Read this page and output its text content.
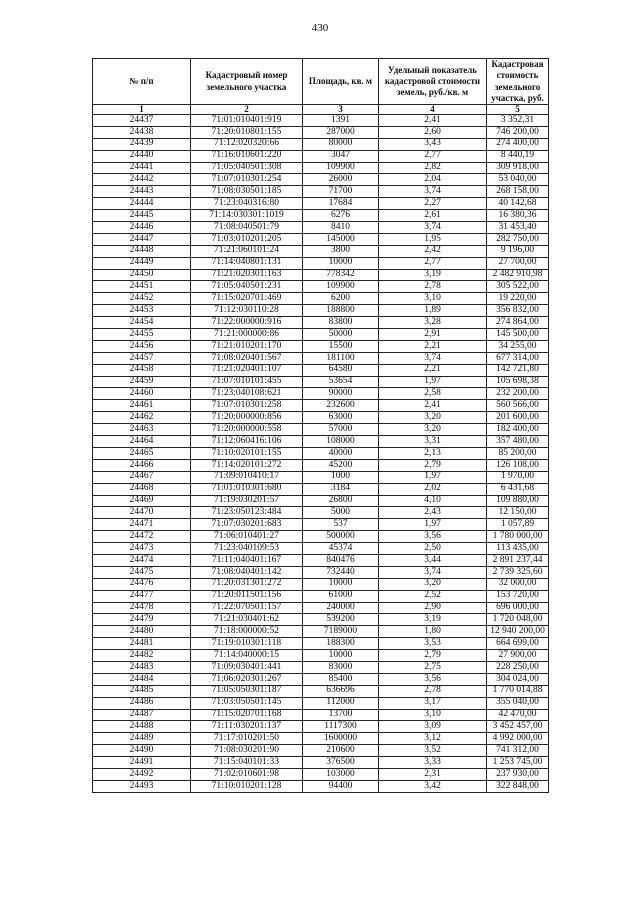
430
№ п/п	Кадастровый номер земельного участка	Площадь, кв. м	Удельный показатель кадастровой стоимости земель, руб./кв. м	Кадастровая стоимость земельного участка, руб.
1	2	3	4	5
24437	71:01:010401:919	1391	2,41	3 352,31
24438	71:20:010801:155	287000	2,60	746 200,00
24439	71:12:020320:66	80000	3,43	274 400,00
24440	71:16:010601:220	3047	2,77	8 440,19
24441	71:05:040501:308	109900	2,82	309 918,00
24442	71:07:010301:254	26000	2,04	53 040,00
24443	71:08:030501:185	71700	3,74	268 158,00
24444	71:23:040316:80	17684	2,27	40 142,68
24445	71:14:030301:1019	6276	2,61	16 380,36
24446	71:08:040501:79	8410	3,74	31 453,40
24447	71:03:010201:205	145000	1,95	282 750,00
24448	71:21:060101:24	3800	2,42	9 196,00
24449	71:14:040801:131	10000	2,77	27 700,00
24450	71:21:020301:163	778342	3,19	2 482 910,98
24451	71:05:040501:231	109900	2,78	305 522,00
24452	71:15:020701:469	6200	3,10	19 220,00
24453	71:12:030110:28	188800	1,89	356 832,00
24454	71:22:000000:916	83800	3,28	274 864,00
24455	71:21:000000:86	50000	2,91	145 500,00
24456	71:21:010201:170	15500	2,21	34 255,00
24457	71:08:020401:567	181100	3,74	677 314,00
24458	71:21:020401:107	64580	2,21	142 721,80
24459	71:07:010101:455	53654	1,97	105 698,38
24460	71:23:040108:621	90000	2,58	232 200,00
24461	71:07:010301:258	232600	2,41	560 566,00
24462	71:20:000000:856	63000	3,20	201 600,00
24463	71:20:000000:558	57000	3,20	182 400,00
24464	71:12:060416:106	108000	3,31	357 480,00
24465	71:10:020101:155	40000	2,13	85 200,00
24466	71:14:020101:272	45200	2,79	126 108,00
24467	71:09:010410:17	1000	1,97	1 970,00
24468	71:01:010301:680	3184	2,02	6 431,68
24469	71:19:030201:57	26800	4,10	109 880,00
24470	71:23:050123:484	5000	2,43	12 150,00
24471	71:07:030201:683	537	1,97	1 057,89
24472	71:06:010401:27	500000	3,56	1 780 000,00
24473	71:23:040109:53	45374	2,50	113 435,00
24474	71:11:040401:167	840476	3,44	2 891 237,44
24475	71:08:040401:142	732440	3,74	2 739 325,60
24476	71:20:031301:272	10000	3,20	32 000,00
24477	71:20:011501:156	61000	2,52	153 720,00
24478	71:22:070501:157	240000	2,90	696 000,00
24479	71:21:030401:62	539200	3,19	1 720 048,00
24480	71:18:000000:52	7189000	1,80	12 940 200,00
24481	71:19:010301:118	188300	3,53	664 699,00
24482	71:14:040000:15	10000	2,79	27 900,00
24483	71:09:030401:441	83000	2,75	228 250,00
24484	71:06:020301:267	85400	3,56	304 024,00
24485	71:05:050301:187	636696	2,78	1 770 014,88
24486	71:03:050501:145	112000	3,17	355 040,00
24487	71:15:020701:168	13700	3,10	42 470,00
24488	71:11:030201:137	1117300	3,09	3 452 457,00
24489	71:17:010201:50	1600000	3,12	4 992 000,00
24490	71:08:030201:90	210600	3,52	741 312,00
24491	71:15:040101:33	376500	3,33	1 253 745,00
24492	71:02:010601:98	103000	2,31	237 930,00
24493	71:10:010201:128	94400	3,42	322 848,00
